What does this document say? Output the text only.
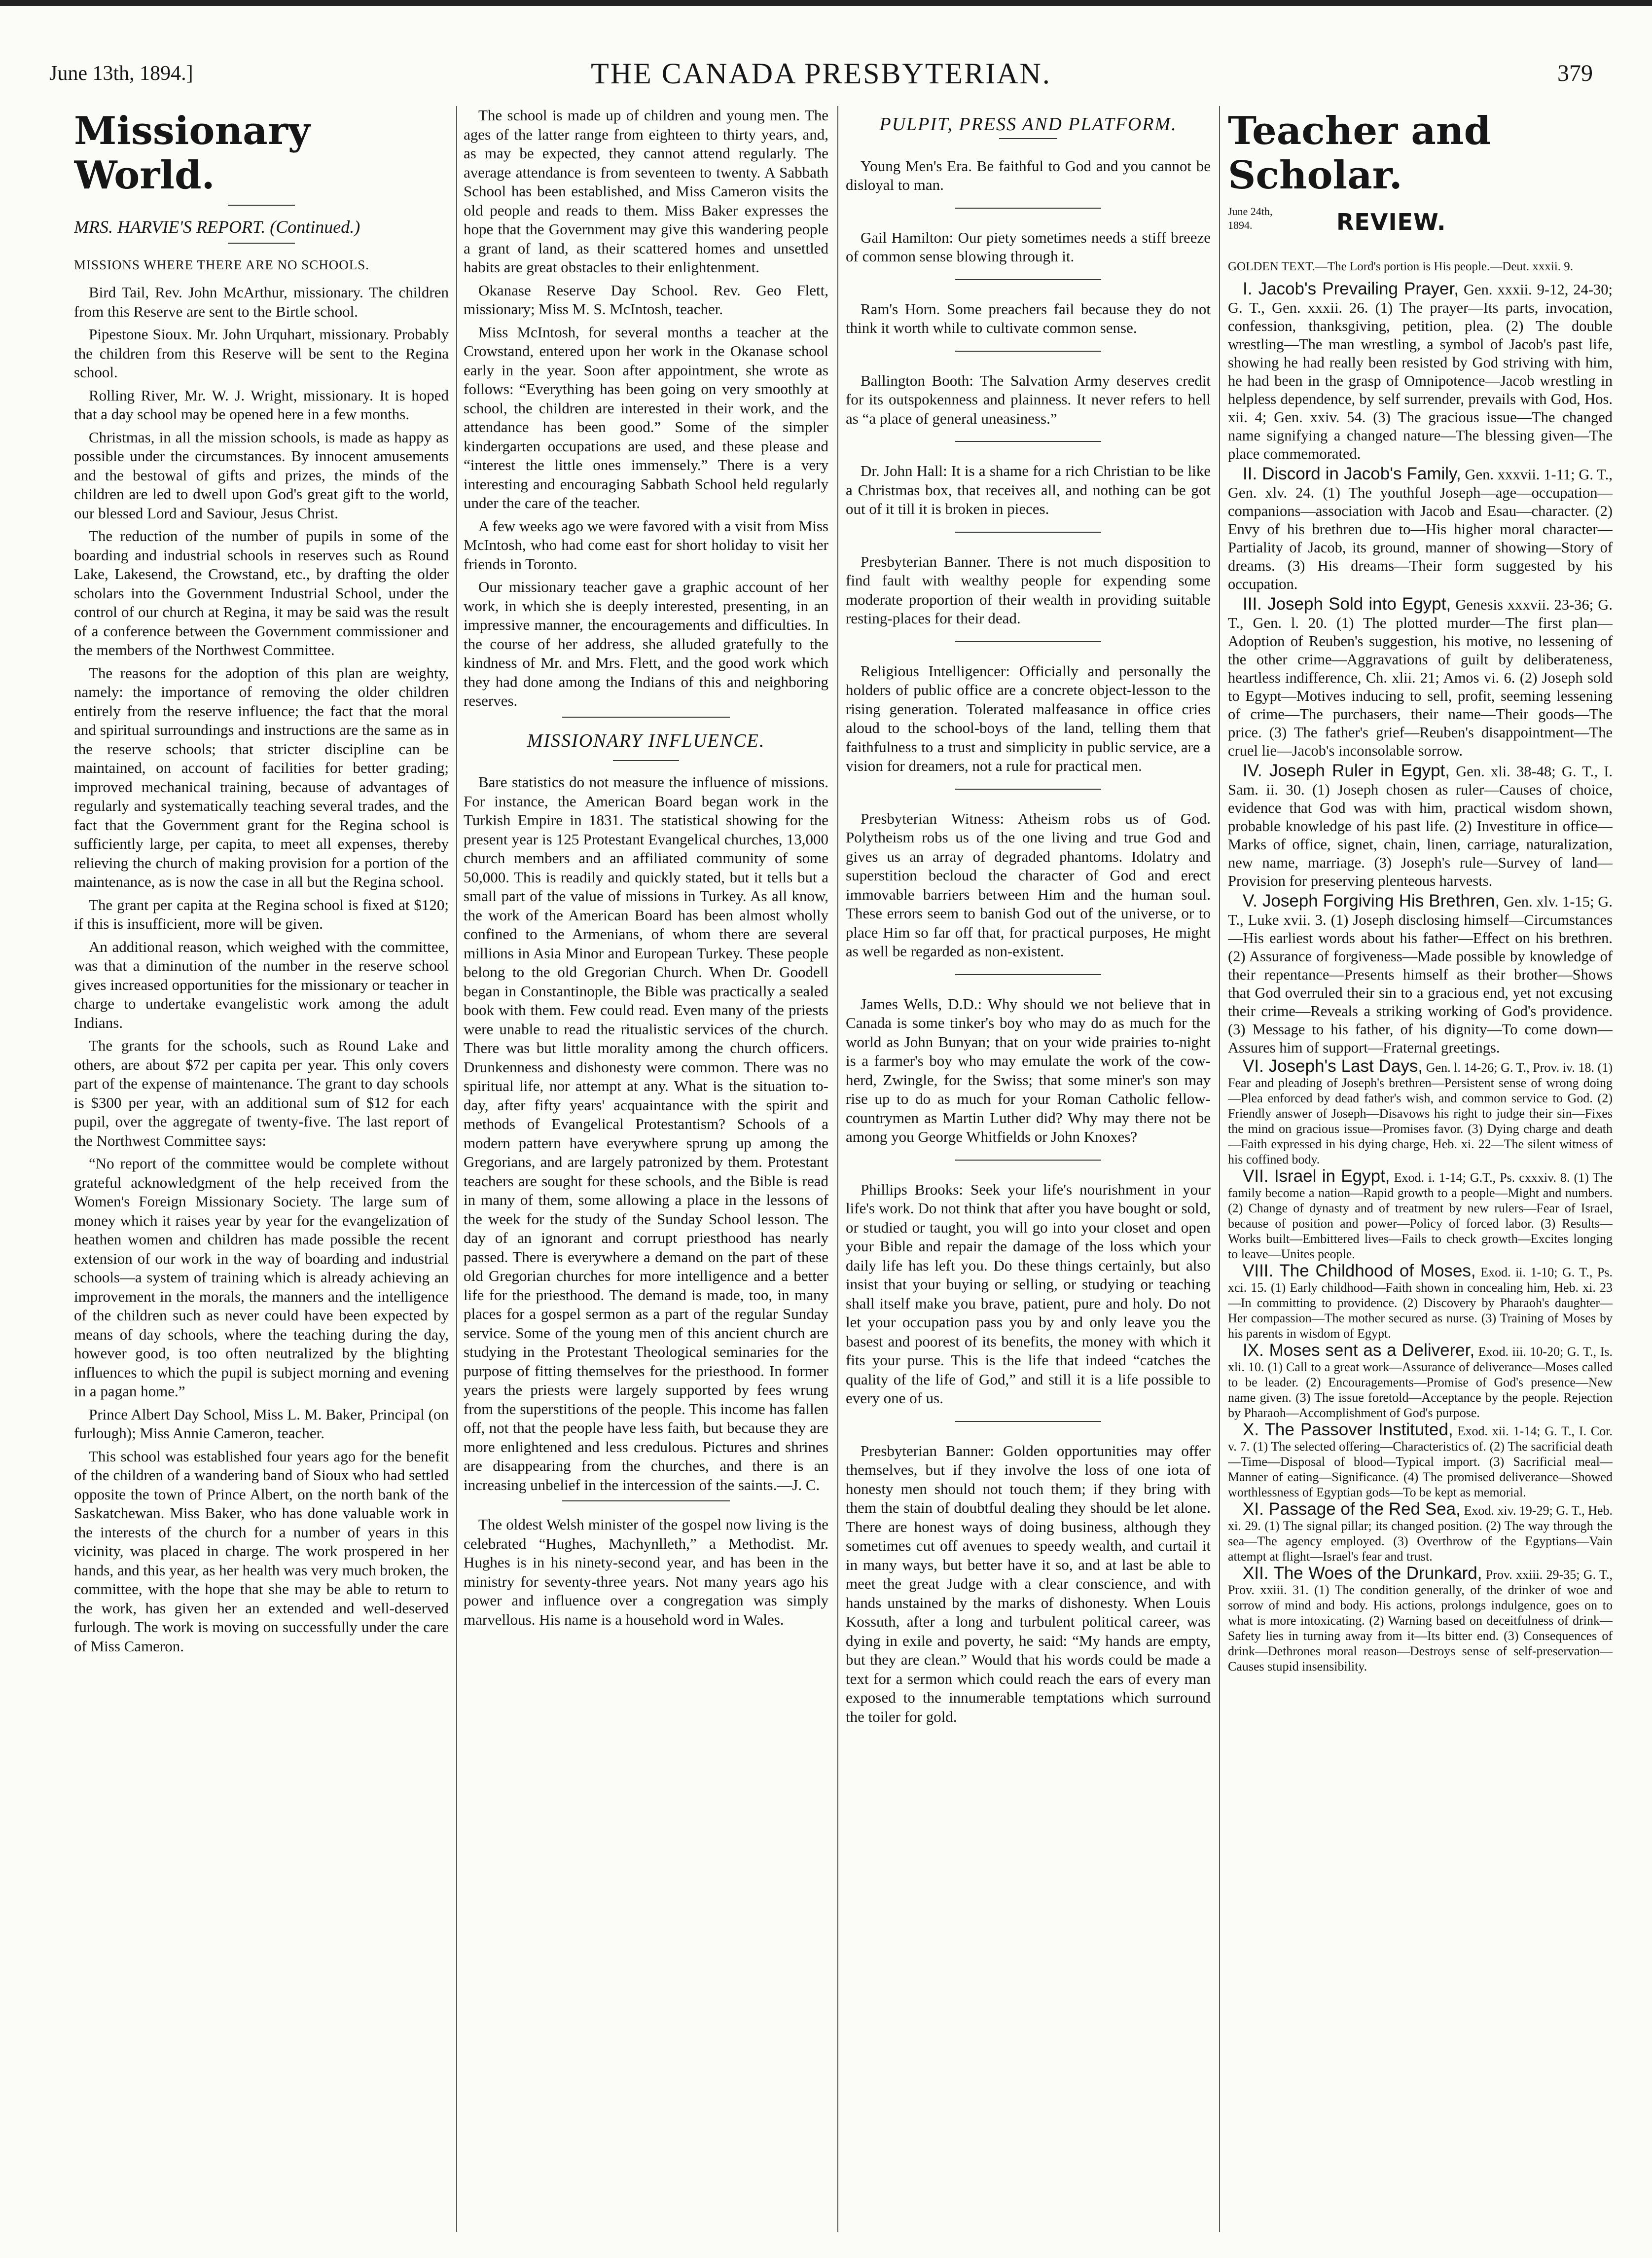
June 13th, 1894.]	THE CANADA PRESBYTERIAN.	379

Missionary World.

MRS. HARVIE'S REPORT. (Continued.)

MISSIONS WHERE THERE ARE NO SCHOOLS.

Bird Tail, Rev. John McArthur, missionary. The children from this Reserve are sent to the Birtle school.

Pipestone Sioux. Mr. John Urquhart, missionary. Probably the children from this Reserve will be sent to the Regina school.

Rolling River, Mr. W. J. Wright, missionary. It is hoped that a day school may be opened here in a few months.

Christmas, in all the mission schools, is made as happy as possible under the circumstances. By innocent amusements and the bestowal of gifts and prizes, the minds of the children are led to dwell upon God's great gift to the world, our blessed Lord and Saviour, Jesus Christ.

The reduction of the number of pupils in some of the boarding and industrial schools in reserves such as Round Lake, Lakesend, the Crowstand, etc., by drafting the older scholars into the Government Industrial School, under the control of our church at Regina, it may be said was the result of a conference between the Government commissioner and the members of the Northwest Committee.

The reasons for the adoption of this plan are weighty, namely: the importance of removing the older children entirely from the reserve influence; the fact that the moral and spiritual surroundings and instructions are the same as in the reserve schools; that stricter discipline can be maintained, on account of facilities for better grading; improved mechanical training, because of advantages of regularly and systematically teaching several trades, and the fact that the Government grant for the Regina school is sufficiently large, per capita, to meet all expenses, thereby relieving the church of making provision for a portion of the maintenance, as is now the case in all but the Regina school.

The grant per capita at the Regina school is fixed at $120; if this is insufficient, more will be given.

An additional reason, which weighed with the committee, was that a diminution of the number in the reserve school gives increased opportunities for the missionary or teacher in charge to undertake evangelistic work among the adult Indians.

The grants for the schools, such as Round Lake and others, are about $72 per capita per year. This only covers part of the expense of maintenance. The grant to day schools is $300 per year, with an additional sum of $12 for each pupil, over the aggregate of twenty-five. The last report of the Northwest Committee says:

“No report of the committee would be complete without grateful acknowledgment of the help received from the Women's Foreign Missionary Society. The large sum of money which it raises year by year for the evangelization of heathen women and children has made possible the recent extension of our work in the way of boarding and industrial schools—a system of training which is already achieving an improvement in the morals, the manners and the intelligence of the children such as never could have been expected by means of day schools, where the teaching during the day, however good, is too often neutralized by the blighting influences to which the pupil is subject morning and evening in a pagan home.”

Prince Albert Day School, Miss L. M. Baker, Principal (on furlough); Miss Annie Cameron, teacher.

This school was established four years ago for the benefit of the children of a wandering band of Sioux who had settled opposite the town of Prince Albert, on the north bank of the Saskatchewan. Miss Baker, who has done valuable work in the interests of the church for a number of years in this vicinity, was placed in charge. The work prospered in her hands, and this year, as her health was very much broken, the committee, with the hope that she may be able to return to the work, has given her an extended and well-deserved furlough. The work is moving on successfully under the care of Miss Cameron.

The school is made up of children and young men. The ages of the latter range from eighteen to thirty years, and, as may be expected, they cannot attend regularly. The average attendance is from seventeen to twenty. A Sabbath School has been established, and Miss Cameron visits the old people and reads to them. Miss Baker expresses the hope that the Government may give this wandering people a grant of land, as their scattered homes and unsettled habits are great obstacles to their enlightenment.

Okanase Reserve Day School. Rev. Geo Flett, missionary; Miss M. S. McIntosh, teacher.

Miss McIntosh, for several months a teacher at the Crowstand, entered upon her work in the Okanase school early in the year. Soon after appointment, she wrote as follows: “Everything has been going on very smoothly at school, the children are interested in their work, and the attendance has been good.” Some of the simpler kindergarten occupations are used, and these please and “interest the little ones immensely.” There is a very interesting and encouraging Sabbath School held regularly under the care of the teacher.

A few weeks ago we were favored with a visit from Miss McIntosh, who had come east for short holiday to visit her friends in Toronto.

Our missionary teacher gave a graphic account of her work, in which she is deeply interested, presenting, in an impressive manner, the encouragements and difficulties. In the course of her address, she alluded gratefully to the kindness of Mr. and Mrs. Flett, and the good work which they had done among the Indians of this and neighboring reserves.

MISSIONARY INFLUENCE.

Bare statistics do not measure the influence of missions. For instance, the American Board began work in the Turkish Empire in 1831. The statistical showing for the present year is 125 Protestant Evangelical churches, 13,000 church members and an affiliated community of some 50,000. This is readily and quickly stated, but it tells but a small part of the value of missions in Turkey. As all know, the work of the American Board has been almost wholly confined to the Armenians, of whom there are several millions in Asia Minor and European Turkey. These people belong to the old Gregorian Church. When Dr. Goodell began in Constantinople, the Bible was practically a sealed book with them. Few could read. Even many of the priests were unable to read the ritualistic services of the church. There was but little morality among the church officers. Drunkenness and dishonesty were common. There was no spiritual life, nor attempt at any. What is the situation to-day, after fifty years' acquaintance with the spirit and methods of Evangelical Protestantism? Schools of a modern pattern have everywhere sprung up among the Gregorians, and are largely patronized by them. Protestant teachers are sought for these schools, and the Bible is read in many of them, some allowing a place in the lessons of the week for the study of the Sunday School lesson. The day of an ignorant and corrupt priesthood has nearly passed. There is everywhere a demand on the part of these old Gregorian churches for more intelligence and a better life for the priesthood. The demand is made, too, in many places for a gospel sermon as a part of the regular Sunday service. Some of the young men of this ancient church are studying in the Protestant Theological seminaries for the purpose of fitting themselves for the priesthood. In former years the priests were largely supported by fees wrung from the superstitions of the people. This income has fallen off, not that the people have less faith, but because they are more enlightened and less credulous. Pictures and shrines are disappearing from the churches, and there is an increasing unbelief in the intercession of the saints.—J. C.

The oldest Welsh minister of the gospel now living is the celebrated “Hughes, Machynlleth,” a Methodist. Mr. Hughes is in his ninety-second year, and has been in the ministry for seventy-three years. Not many years ago his power and influence over a congregation was simply marvellous. His name is a household word in Wales.

PULPIT, PRESS AND PLATFORM.

Young Men's Era. Be faithful to God and you cannot be disloyal to man.

Gail Hamilton: Our piety sometimes needs a stiff breeze of common sense blowing through it.

Ram's Horn. Some preachers fail because they do not think it worth while to cultivate common sense.

Ballington Booth: The Salvation Army deserves credit for its outspokenness and plainness. It never refers to hell as “a place of general uneasiness.”

Dr. John Hall: It is a shame for a rich Christian to be like a Christmas box, that receives all, and nothing can be got out of it till it is broken in pieces.

Presbyterian Banner. There is not much disposition to find fault with wealthy people for expending some moderate proportion of their wealth in providing suitable resting-places for their dead.

Religious Intelligencer: Officially and personally the holders of public office are a concrete object-lesson to the rising generation. Tolerated malfeasance in office cries aloud to the school-boys of the land, telling them that faithfulness to a trust and simplicity in public service, are a vision for dreamers, not a rule for practical men.

Presbyterian Witness: Atheism robs us of God. Polytheism robs us of the one living and true God and gives us an array of degraded phantoms. Idolatry and superstition becloud the character of God and erect immovable barriers between Him and the human soul. These errors seem to banish God out of the universe, or to place Him so far off that, for practical purposes, He might as well be regarded as non-existent.

James Wells, D.D.: Why should we not believe that in Canada is some tinker's boy who may do as much for the world as John Bunyan; that on your wide prairies to-night is a farmer's boy who may emulate the work of the cow-herd, Zwingle, for the Swiss; that some miner's son may rise up to do as much for your Roman Catholic fellow-countrymen as Martin Luther did? Why may there not be among you George Whitfields or John Knoxes?

Phillips Brooks: Seek your life's nourishment in your life's work. Do not think that after you have bought or sold, or studied or taught, you will go into your closet and open your Bible and repair the damage of the loss which your daily life has left you. Do these things certainly, but also insist that your buying or selling, or studying or teaching shall itself make you brave, patient, pure and holy. Do not let your occupation pass you by and only leave you the basest and poorest of its benefits, the money with which it fits your purse. This is the life that indeed “catches the quality of the life of God,” and still it is a life possible to every one of us.

Presbyterian Banner: Golden opportunities may offer themselves, but if they involve the loss of one iota of honesty men should not touch them; if they bring with them the stain of doubtful dealing they should be let alone. There are honest ways of doing business, although they sometimes cut off avenues to speedy wealth, and curtail it in many ways, but better have it so, and at last be able to meet the great Judge with a clear conscience, and with hands unstained by the marks of dishonesty. When Louis Kossuth, after a long and turbulent political career, was dying in exile and poverty, he said: “My hands are empty, but they are clean.” Would that his words could be made a text for a sermon which could reach the ears of every man exposed to the innumerable temptations which surround the toiler for gold.

Teacher and Scholar.

June 24th,
1894.	REVIEW.

GOLDEN TEXT.—The Lord's portion is His people.—Deut. xxxii. 9.

I. Jacob's Prevailing Prayer, Gen. xxxii. 9-12, 24-30; G. T., Gen. xxxii. 26. (1) The prayer—Its parts, invocation, confession, thanksgiving, petition, plea. (2) The double wrestling—The man wrestling, a symbol of Jacob's past life, showing he had really been resisted by God striving with him, he had been in the grasp of Omnipotence—Jacob wrestling in helpless dependence, by self surrender, prevails with God, Hos. xii. 4; Gen. xxiv. 54. (3) The gracious issue—The changed name signifying a changed nature—The blessing given—The place commemorated.

II. Discord in Jacob's Family, Gen. xxxvii. 1-11; G. T., Gen. xlv. 24. (1) The youthful Joseph—age—occupation—companions—association with Jacob and Esau—character. (2) Envy of his brethren due to—His higher moral character—Partiality of Jacob, its ground, manner of showing—Story of dreams. (3) His dreams—Their form suggested by his occupation.

III. Joseph Sold into Egypt, Genesis xxxvii. 23-36; G. T., Gen. l. 20. (1) The plotted murder—The first plan—Adoption of Reuben's suggestion, his motive, no lessening of the other crime—Aggravations of guilt by deliberateness, heartless indifference, Ch. xlii. 21; Amos vi. 6. (2) Joseph sold to Egypt—Motives inducing to sell, profit, seeming lessening of crime—The purchasers, their name—Their goods—The price. (3) The father's grief—Reuben's disappointment—The cruel lie—Jacob's inconsolable sorrow.

IV. Joseph Ruler in Egypt, Gen. xli. 38-48; G. T., I. Sam. ii. 30. (1) Joseph chosen as ruler—Causes of choice, evidence that God was with him, practical wisdom shown, probable knowledge of his past life. (2) Investiture in office—Marks of office, signet, chain, linen, carriage, naturalization, new name, marriage. (3) Joseph's rule—Survey of land—Provision for preserving plenteous harvests.

V. Joseph Forgiving His Brethren, Gen. xlv. 1-15; G. T., Luke xvii. 3. (1) Joseph disclosing himself—Circumstances—His earliest words about his father—Effect on his brethren. (2) Assurance of forgiveness—Made possible by knowledge of their repentance—Presents himself as their brother—Shows that God overruled their sin to a gracious end, yet not excusing their crime—Reveals a striking working of God's providence. (3) Message to his father, of his dignity—To come down—Assures him of support—Fraternal greetings.

VI. Joseph's Last Days, Gen. l. 14-26; G. T., Prov. iv. 18. (1) Fear and pleading of Joseph's brethren—Persistent sense of wrong doing—Plea enforced by dead father's wish, and common service to God. (2) Friendly answer of Joseph—Disavows his right to judge their sin—Fixes the mind on gracious issue—Promises favor. (3) Dying charge and death—Faith expressed in his dying charge, Heb. xi. 22—The silent witness of his coffined body.

VII. Israel in Egypt, Exod. i. 1-14; G.T., Ps. cxxxiv. 8. (1) The family become a nation—Rapid growth to a people—Might and numbers. (2) Change of dynasty and of treatment by new rulers—Fear of Israel, because of position and power—Policy of forced labor. (3) Results—Works built—Embittered lives—Fails to check growth—Excites longing to leave—Unites people.

VIII. The Childhood of Moses, Exod. ii. 1-10; G. T., Ps. xci. 15. (1) Early childhood—Faith shown in concealing him, Heb. xi. 23—In committing to providence. (2) Discovery by Pharaoh's daughter—Her compassion—The mother secured as nurse. (3) Training of Moses by his parents in wisdom of Egypt.

IX. Moses sent as a Deliverer, Exod. iii. 10-20; G. T., Is. xli. 10. (1) Call to a great work—Assurance of deliverance—Moses called to be leader. (2) Encouragements—Promise of God's presence—New name given. (3) The issue foretold—Acceptance by the people. Rejection by Pharaoh—Accomplishment of God's purpose.

X. The Passover Instituted, Exod. xii. 1-14; G. T., I. Cor. v. 7. (1) The selected offering—Characteristics of. (2) The sacrificial death—Time—Disposal of blood—Typical import. (3) Sacrificial meal—Manner of eating—Significance. (4) The promised deliverance—Showed worthlessness of Egyptian gods—To be kept as memorial.

XI. Passage of the Red Sea, Exod. xiv. 19-29; G. T., Heb. xi. 29. (1) The signal pillar; its changed position. (2) The way through the sea—The agency employed. (3) Overthrow of the Egyptians—Vain attempt at flight—Israel's fear and trust.

XII. The Woes of the Drunkard, Prov. xxiii. 29-35; G. T., Prov. xxiii. 31. (1) The condition generally, of the drinker of woe and sorrow of mind and body. His actions, prolongs indulgence, goes on to what is more intoxicating. (2) Warning based on deceitfulness of drink—Safety lies in turning away from it—Its bitter end. (3) Consequences of drink—Dethrones moral reason—Destroys sense of self-preservation—Causes stupid insensibility.
